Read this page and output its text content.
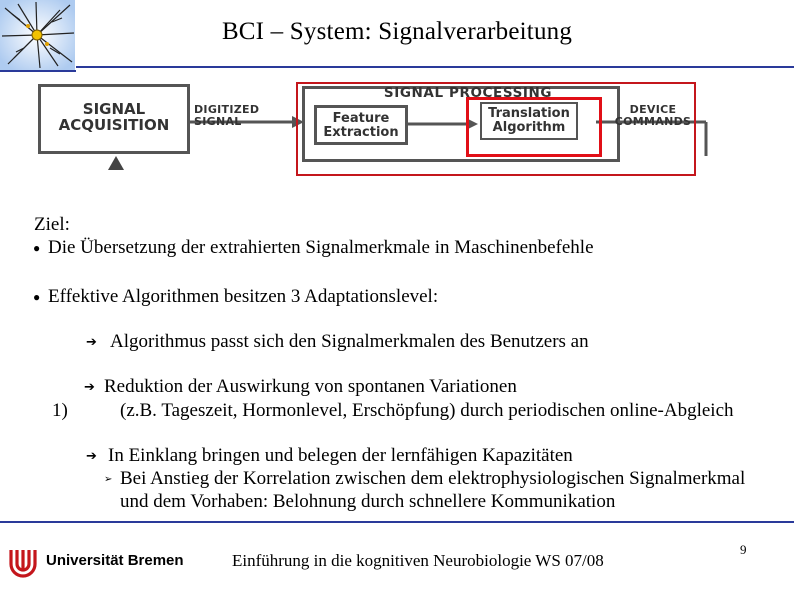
BCI – System: Signalverarbeitung
SIGNAL
ACQUISITION
DIGITIZED
SIGNAL
SIGNAL PROCESSING
Feature
Extraction
Translation
Algorithm
DEVICE
COMMANDS
Ziel:
● Die Übersetzung der extrahierten Signalmerkmale in Maschinenbefehle
● Effektive Algorithmen besitzen 3 Adaptationslevel:
➔ Algorithmus passt sich den Signalmerkmalen des Benutzers an
➔ Reduktion der Auswirkung von spontanen Variationen
1)	(z.B. Tageszeit, Hormonlevel, Erschöpfung) durch periodischen online-Abgleich
➔ In Einklang bringen und belegen der lernfähigen Kapazitäten
➢ Bei Anstieg der Korrelation zwischen dem elektrophysiologischen Signalmerkmal
und dem Vorhaben: Belohnung durch schnellere Kommunikation
Universität Bremen	Einführung in die kognitiven Neurobiologie WS 07/08
9
